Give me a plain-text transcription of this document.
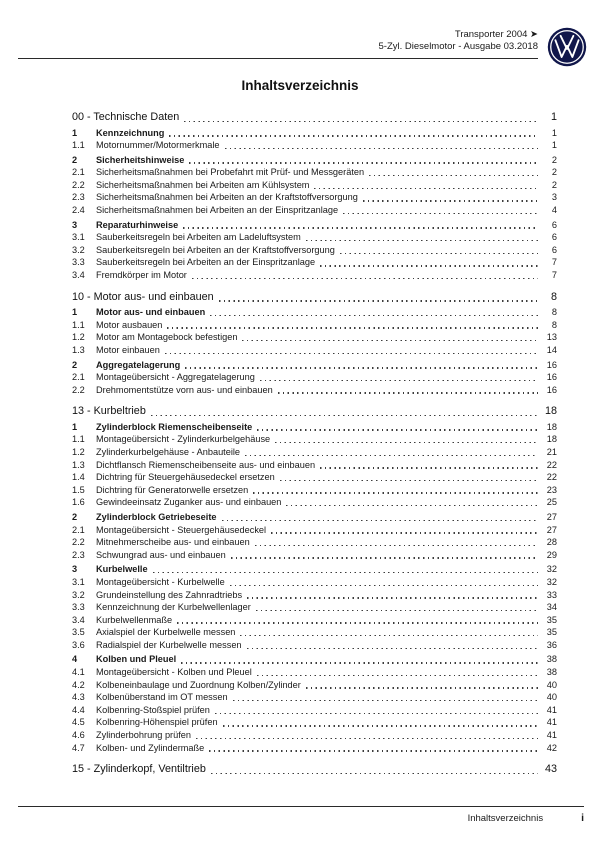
Transporter 2004 ➤
5-Zyl. Dieselmotor - Ausgabe 03.2018
Inhaltsverzeichnis
00 - Technische Daten	1
1	Kennzeichnung	1
1.1	Motornummer/Motormerkmale	1
2	Sicherheitshinweise	2
2.1	Sicherheitsmaßnahmen bei Probefahrt mit Prüf- und Messgeräten	2
2.2	Sicherheitsmaßnahmen bei Arbeiten am Kühlsystem	2
2.3	Sicherheitsmaßnahmen bei Arbeiten an der Kraftstoffversorgung	3
2.4	Sicherheitsmaßnahmen bei Arbeiten an der Einspritzanlage	4
3	Reparaturhinweise	6
3.1	Sauberkeitsregeln bei Arbeiten am Ladeluftsystem	6
3.2	Sauberkeitsregeln bei Arbeiten an der Kraftstoffversorgung	6
3.3	Sauberkeitsregeln bei Arbeiten an der Einspritzanlage	7
3.4	Fremdkörper im Motor	7
10 - Motor aus- und einbauen	8
1	Motor aus- und einbauen	8
1.1	Motor ausbauen	8
1.2	Motor am Montagebock befestigen	13
1.3	Motor einbauen	14
2	Aggregatelagerung	16
2.1	Montageübersicht - Aggregatelagerung	16
2.2	Drehmomentstütze vorn aus- und einbauen	16
13 - Kurbeltrieb	18
1	Zylinderblock Riemenscheibenseite	18
1.1	Montageübersicht - Zylinderkurbelgehäuse	18
1.2	Zylinderkurbelgehäuse - Anbauteile	21
1.3	Dichtflansch Riemenscheibenseite aus- und einbauen	22
1.4	Dichtring für Steuergehäusedeckel ersetzen	22
1.5	Dichtring für Generatorwelle ersetzen	23
1.6	Gewindeeinsatz Zuganker aus- und einbauen	25
2	Zylinderblock Getriebeseite	27
2.1	Montageübersicht - Steuergehäusedeckel	27
2.2	Mitnehmerscheibe aus- und einbauen	28
2.3	Schwungrad aus- und einbauen	29
3	Kurbelwelle	32
3.1	Montageübersicht - Kurbelwelle	32
3.2	Grundeinstellung des Zahnradtriebs	33
3.3	Kennzeichnung der Kurbelwellenlager	34
3.4	Kurbelwellenmaße	35
3.5	Axialspiel der Kurbelwelle messen	35
3.6	Radialspiel der Kurbelwelle messen	36
4	Kolben und Pleuel	38
4.1	Montageübersicht - Kolben und Pleuel	38
4.2	Kolbeneinbaulage und Zuordnung Kolben/Zylinder	40
4.3	Kolbenüberstand im OT messen	40
4.4	Kolbenring-Stoßspiel prüfen	41
4.5	Kolbenring-Höhenspiel prüfen	41
4.6	Zylinderbohrung prüfen	41
4.7	Kolben- und Zylindermaße	42
15 - Zylinderkopf, Ventiltrieb	43
Inhaltsverzeichnis	i
